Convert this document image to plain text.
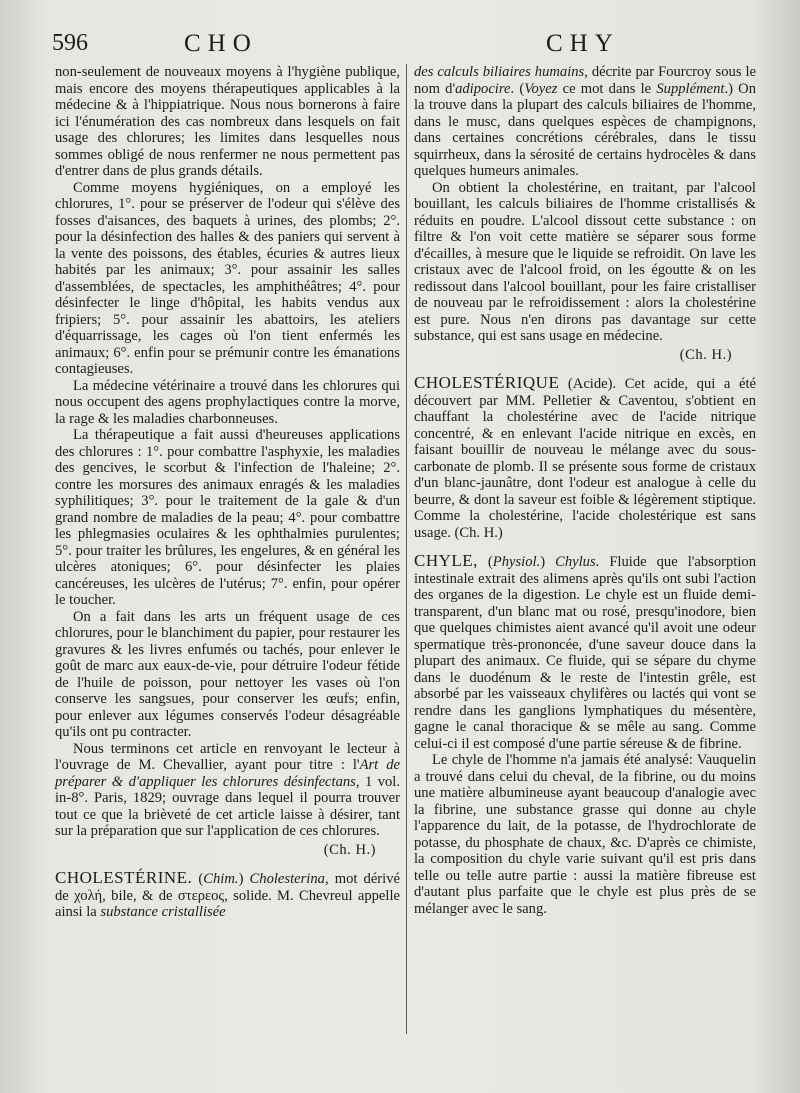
596	CHO	CHY

non-seulement de nouveaux moyens à l'hygiène publique, mais encore des moyens thérapeutiques applicables à la médecine & à l'hippiatrique. Nous nous bornerons à faire ici l'énumération des cas nombreux dans lesquels on fait usage des chlorures; les limites dans lesquelles nous sommes obligé de nous renfermer ne nous permettent pas d'entrer dans de plus grands détails.

Comme moyens hygiéniques, on a employé les chlorures, 1°. pour se préserver de l'odeur qui s'élève des fosses d'aisances, des baquets à urines, des plombs; 2°. pour la désinfection des halles & des paniers qui servent à la vente des poissons, des étables, écuries & autres lieux habités par les animaux; 3°. pour assainir les salles d'assemblées, de spectacles, les amphithéâtres; 4°. pour désinfecter le linge d'hôpital, les habits vendus aux fripiers; 5°. pour assainir les abattoirs, les ateliers d'équarrissage, les cages où l'on tient enfermés les animaux; 6°. enfin pour se prémunir contre les émanations contagieuses.

La médecine vétérinaire a trouvé dans les chlorures qui nous occupent des agens prophylactiques contre la morve, la rage & les maladies charbonneuses.

La thérapeutique a fait aussi d'heureuses applications des chlorures : 1°. pour combattre l'asphyxie, les maladies des gencives, le scorbut & l'infection de l'haleine; 2°. contre les morsures des animaux enragés & les maladies syphilitiques; 3°. pour le traitement de la gale & d'un grand nombre de maladies de la peau; 4°. pour combattre les phlegmasies oculaires & les ophthalmies purulentes; 5°. pour traiter les brûlures, les engelures, & en général les ulcères atoniques; 6°. pour désinfecter les plaies cancéreuses, les ulcères de l'utérus; 7°. enfin, pour opérer le toucher.

On a fait dans les arts un fréquent usage de ces chlorures, pour le blanchiment du papier, pour restaurer les gravures & les livres enfumés ou tachés, pour enlever le goût de marc aux eaux-de-vie, pour détruire l'odeur fétide de l'huile de poisson, pour nettoyer les vases où l'on conserve les sangsues, pour conserver les œufs; enfin, pour enlever aux légumes conservés l'odeur désagréable qu'ils ont pu contracter.

Nous terminons cet article en renvoyant le lecteur à l'ouvrage de M. Chevallier, ayant pour titre : l'Art de préparer & d'appliquer les chlorures désinfectans, 1 vol. in-8°. Paris, 1829; ouvrage dans lequel il pourra trouver tout ce que la brièveté de cet article laisse à désirer, tant sur la préparation que sur l'application de ces chlorures.

(Ch. H.)

CHOLESTÉRINE. (Chim.) Cholesterina, mot dérivé de χολή, bile, & de στερεος, solide. M. Chevreul appelle ainsi la substance cristallisée

des calculs biliaires humains, décrite par Fourcroy sous le nom d'adipocire. (Voyez ce mot dans le Supplément.) On la trouve dans la plupart des calculs biliaires de l'homme, dans le musc, dans quelques espèces de champignons, dans certaines concrétions cérébrales, dans le tissu squirrheux, dans la sérosité de certains hydrocèles & dans quelques humeurs animales.

On obtient la cholestérine, en traitant, par l'alcool bouillant, les calculs biliaires de l'homme cristallisés & réduits en poudre. L'alcool dissout cette substance : on filtre & l'on voit cette matière se séparer sous forme d'écailles, à mesure que le liquide se refroidit. On lave les cristaux avec de l'alcool froid, on les égoutte & on les redissout dans l'alcool bouillant, pour les faire cristalliser de nouveau par le refroidissement : alors la cholestérine est pure. Nous n'en dirons pas davantage sur cette substance, qui est sans usage en médecine.

(Ch. H.)

CHOLESTÉRIQUE (Acide). Cet acide, qui a été découvert par MM. Pelletier & Caventou, s'obtient en chauffant la cholestérine avec de l'acide nitrique concentré, & en enlevant l'acide nitrique en excès, en faisant bouillir de nouveau le mélange avec du sous-carbonate de plomb. Il se présente sous forme de cristaux d'un blanc-jaunâtre, dont l'odeur est analogue à celle du beurre, & dont la saveur est foible & légèrement stiptique. Comme la cholestérine, l'acide cholestérique est sans usage. (Ch. H.)

CHYLE, (Physiol.) Chylus. Fluide que l'absorption intestinale extrait des alimens après qu'ils ont subi l'action des organes de la digestion. Le chyle est un fluide demi-transparent, d'un blanc mat ou rosé, presqu'inodore, bien que quelques chimistes aient avancé qu'il avoit une odeur spermatique très-prononcée, d'une saveur douce dans la plupart des animaux. Ce fluide, qui se sépare du chyme dans le duodénum & le reste de l'intestin grêle, est absorbé par les vaisseaux chylifères ou lactés qui vont se rendre dans les ganglions lymphatiques du mésentère, gagne le canal thoracique & se mêle au sang. Comme celui-ci il est composé d'une partie séreuse & de fibrine.

Le chyle de l'homme n'a jamais été analysé: Vauquelin a trouvé dans celui du cheval, de la fibrine, ou du moins une matière albumineuse ayant beaucoup d'analogie avec la fibrine, une substance grasse qui donne au chyle l'apparence du lait, de la potasse, de l'hydrochlorate de potasse, du phosphate de chaux, &c. D'après ce chimiste, la composition du chyle varie suivant qu'il est pris dans telle ou telle autre partie : aussi la matière fibreuse est d'autant plus parfaite que le chyle est plus près de se mélanger avec le sang.
